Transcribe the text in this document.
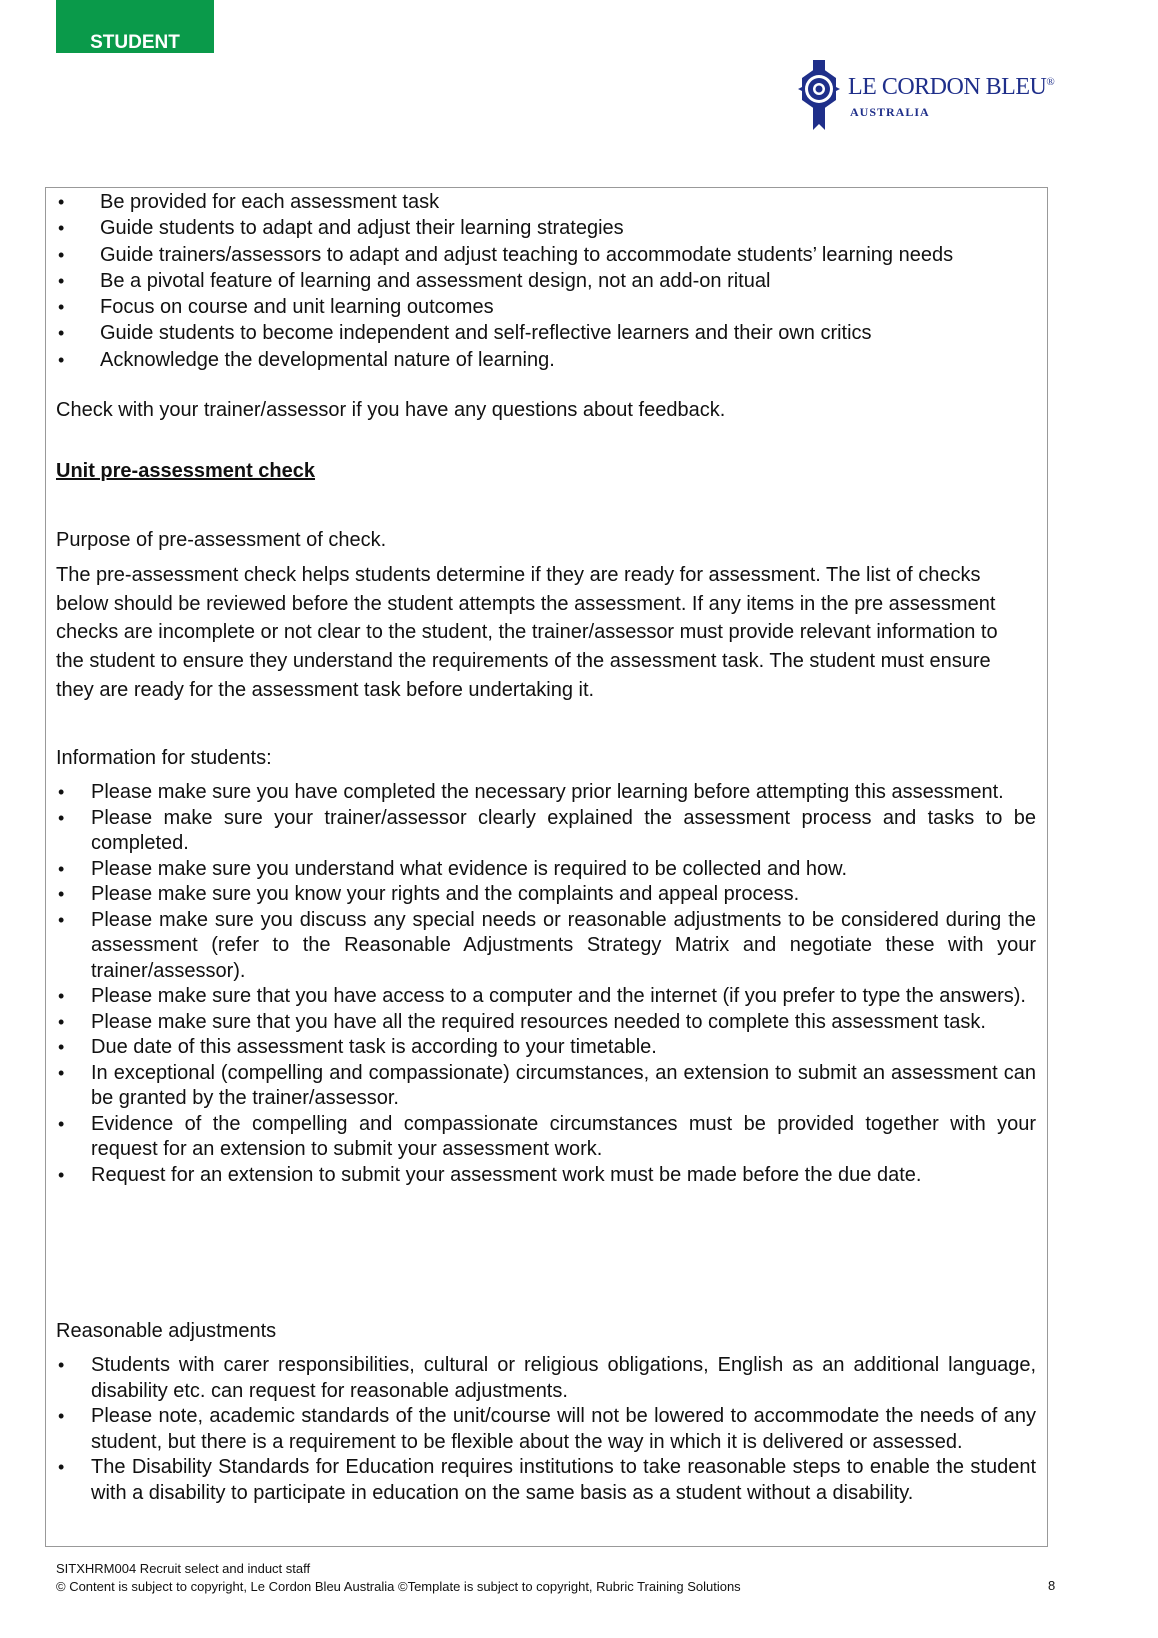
STUDENT
LE CORDON BLEU®
AUSTRALIA
• Be provided for each assessment task
• Guide students to adapt and adjust their learning strategies
• Guide trainers/assessors to adapt and adjust teaching to accommodate students’ learning needs
• Be a pivotal feature of learning and assessment design, not an add-on ritual
• Focus on course and unit learning outcomes
• Guide students to become independent and self-reflective learners and their own critics
• Acknowledge the developmental nature of learning.
Check with your trainer/assessor if you have any questions about feedback.
Unit pre-assessment check
Purpose of pre-assessment of check.
The pre-assessment check helps students determine if they are ready for assessment. The list of checks below should be reviewed before the student attempts the assessment. If any items in the pre assessment checks are incomplete or not clear to the student, the trainer/assessor must provide relevant information to the student to ensure they understand the requirements of the assessment task. The student must ensure they are ready for the assessment task before undertaking it.
Information for students:
• Please make sure you have completed the necessary prior learning before attempting this assessment.
• Please make sure your trainer/assessor clearly explained the assessment process and tasks to be completed.
• Please make sure you understand what evidence is required to be collected and how.
• Please make sure you know your rights and the complaints and appeal process.
• Please make sure you discuss any special needs or reasonable adjustments to be considered during the assessment (refer to the Reasonable Adjustments Strategy Matrix and negotiate these with your trainer/assessor).
• Please make sure that you have access to a computer and the internet (if you prefer to type the answers).
• Please make sure that you have all the required resources needed to complete this assessment task.
• Due date of this assessment task is according to your timetable.
• In exceptional (compelling and compassionate) circumstances, an extension to submit an assessment can be granted by the trainer/assessor.
• Evidence of the compelling and compassionate circumstances must be provided together with your request for an extension to submit your assessment work.
• Request for an extension to submit your assessment work must be made before the due date.
Reasonable adjustments
• Students with carer responsibilities, cultural or religious obligations, English as an additional language, disability etc. can request for reasonable adjustments.
• Please note, academic standards of the unit/course will not be lowered to accommodate the needs of any student, but there is a requirement to be flexible about the way in which it is delivered or assessed.
• The Disability Standards for Education requires institutions to take reasonable steps to enable the student with a disability to participate in education on the same basis as a student without a disability.
SITXHRM004 Recruit select and induct staff
© Content is subject to copyright, Le Cordon Bleu Australia ©Template is subject to copyright, Rubric Training Solutions	8
